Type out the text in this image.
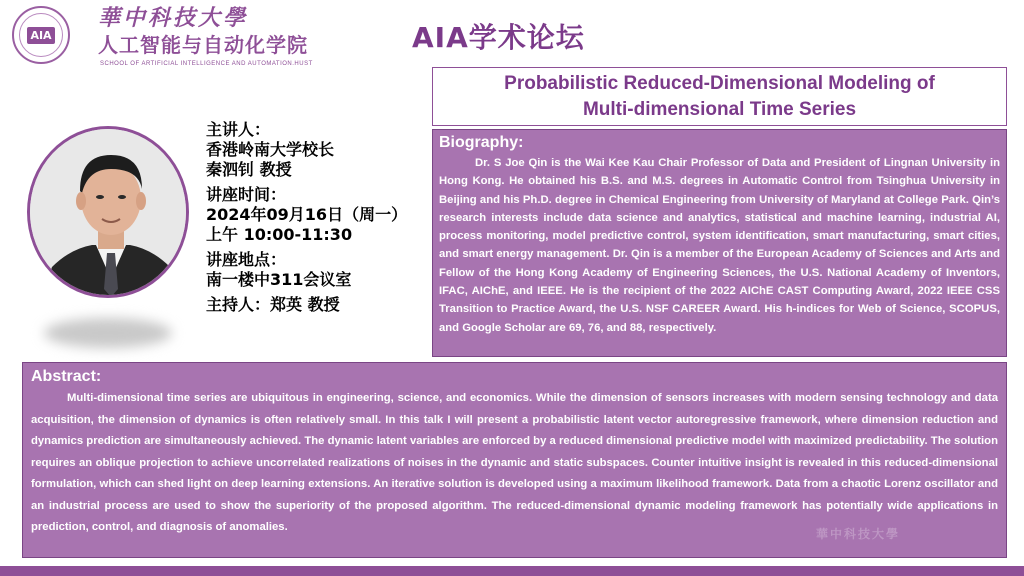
AIA
華中科技大學
人工智能与自动化学院
SCHOOL OF ARTIFICIAL INTELLIGENCE AND AUTOMATION.HUST
AIA学术论坛
Probabilistic Reduced-Dimensional Modeling of
Multi-dimensional Time Series
主讲人：
香港岭南大学校长
秦泗钊 教授
讲座时间：
2024年09月16日（周一）
上午 10:00-11:30
讲座地点：
南一楼中311会议室
主持人：郑英 教授
Biography:
Dr. S Joe Qin is the Wai Kee Kau Chair Professor of Data and President of Lingnan University in Hong Kong. He obtained his B.S. and M.S. degrees in Automatic Control from Tsinghua University in Beijing and his Ph.D. degree in Chemical Engineering from University of Maryland at College Park. Qin’s research interests include data science and analytics, statistical and machine learning, industrial AI, process monitoring, model predictive control, system identification, smart manufacturing, smart cities, and smart energy management. Dr. Qin is a member of the European Academy of Sciences and Arts and Fellow of the Hong Kong Academy of Engineering Sciences, the U.S. National Academy of Inventors, IFAC, AIChE, and IEEE. He is the recipient of the 2022 AIChE CAST Computing Award, 2022 IEEE CSS Transition to Practice Award, the U.S. NSF CAREER Award. His h-indices for Web of Science, SCOPUS, and Google Scholar are 69, 76, and 88, respectively.
Abstract:
Multi-dimensional time series are ubiquitous in engineering, science, and economics. While the dimension of sensors increases with modern sensing technology and data acquisition, the dimension of dynamics is often relatively small. In this talk I will present a probabilistic latent vector autoregressive framework, where dimension reduction and dynamics prediction are simultaneously achieved. The dynamic latent variables are enforced by a reduced dimensional predictive model with maximized predictability. The solution requires an oblique projection to achieve uncorrelated realizations of noises in the dynamic and static subspaces. Counter intuitive insight is revealed in this reduced-dimensional formulation, which can shed light on deep learning extensions. An iterative solution is developed using a maximum likelihood framework. Data from a chaotic Lorenz oscillator and an industrial process are used to show the superiority of the proposed algorithm. The reduced-dimensional dynamic modeling framework has potentially wide applications in prediction, control, and diagnosis of anomalies.	華中科技大學
